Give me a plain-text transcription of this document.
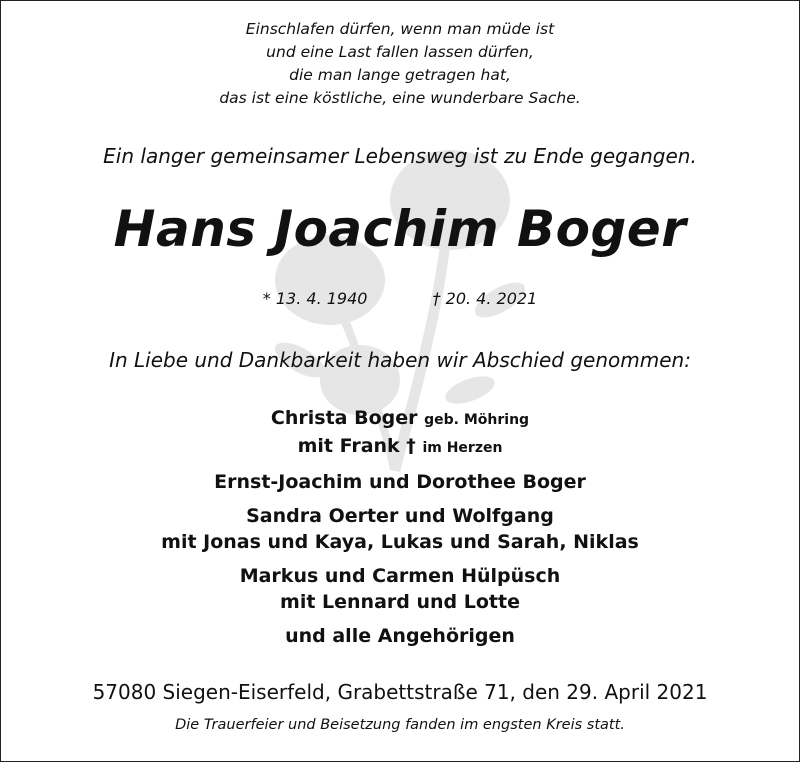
Einschlafen dürfen, wenn man müde ist
und eine Last fallen lassen dürfen,
die man lange getragen hat,
das ist eine köstliche, eine wunderbare Sache.
Ein langer gemeinsamer Lebensweg ist zu Ende gegangen.
Hans Joachim Boger
* 13. 4. 1940	† 20. 4. 2021
In Liebe und Dankbarkeit haben wir Abschied genommen:
Christa Boger geb. Möhring
mit Frank † im Herzen
Ernst-Joachim und Dorothee Boger
Sandra Oerter und Wolfgang
mit Jonas und Kaya, Lukas und Sarah, Niklas
Markus und Carmen Hülpüsch
mit Lennard und Lotte
und alle Angehörigen
57080 Siegen-Eiserfeld, Grabettstraße 71, den 29. April 2021
Die Trauerfeier und Beisetzung fanden im engsten Kreis statt.
